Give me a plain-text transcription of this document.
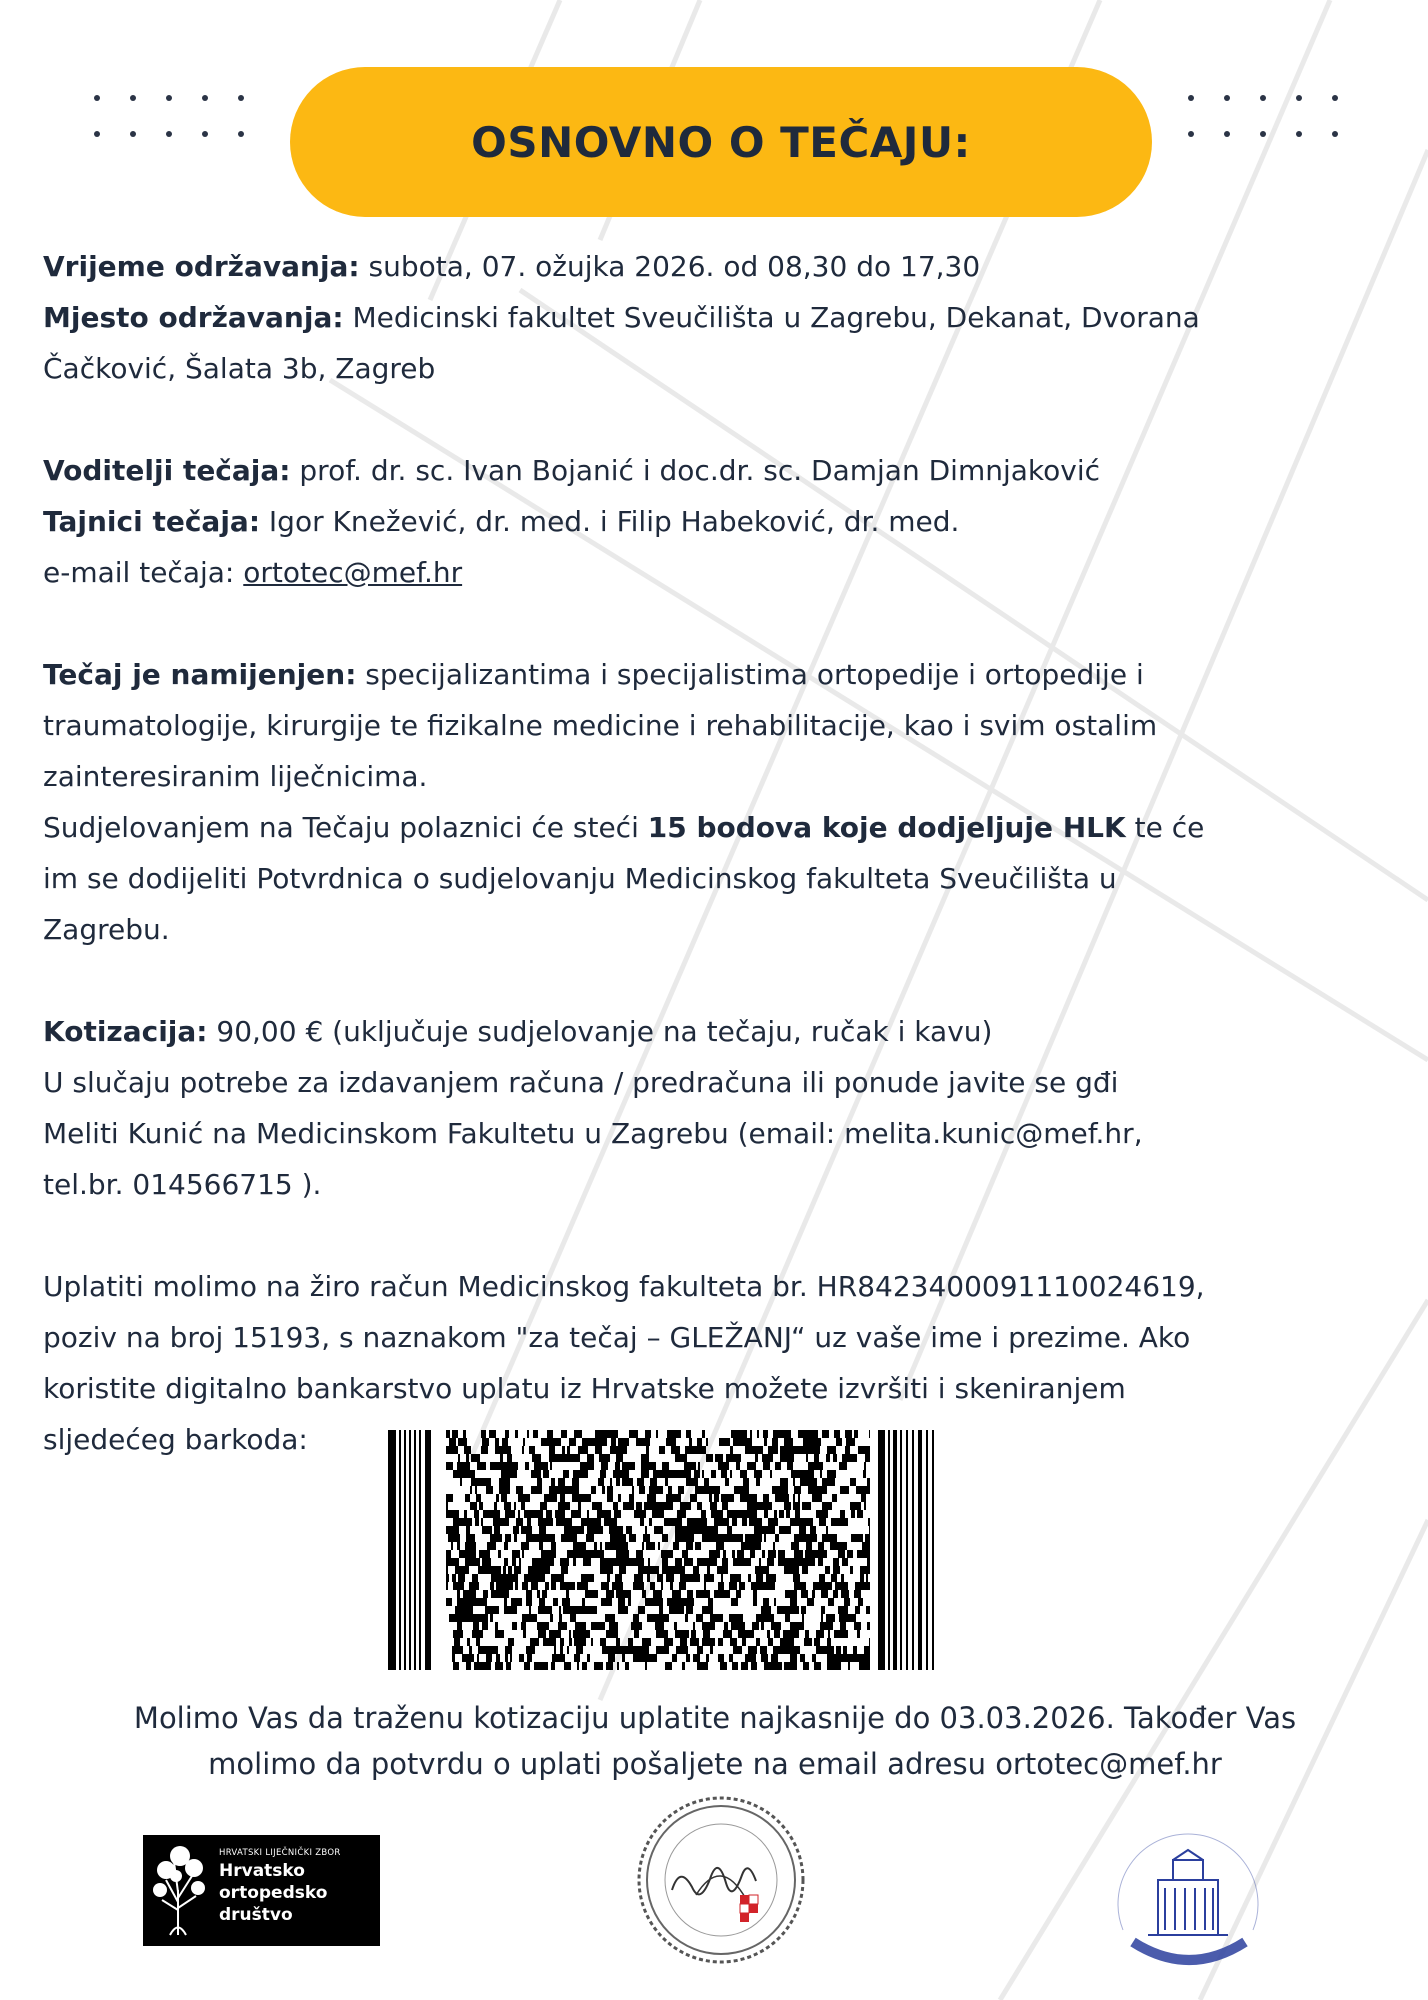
OSNOVNO O TEČAJU:

Vrijeme održavanja: subota, 07. ožujka 2026. od 08,30 do 17,30

Mjesto održavanja: Medicinski fakultet Sveučilišta u Zagrebu, Dekanat, Dvorana

Čačković, Šalata 3b, Zagreb

Voditelji tečaja: prof. dr. sc. Ivan Bojanić i doc.dr. sc. Damjan Dimnjaković

Tajnici tečaja: Igor Knežević, dr. med. i Filip Habeković, dr. med.

e-mail tečaja: ortotec@mef.hr

Tečaj je namijenjen: specijalizantima i specijalistima ortopedije i ortopedije i

traumatologije, kirurgije te fizikalne medicine i rehabilitacije, kao i svim ostalim

zainteresiranim liječnicima.

Sudjelovanjem na Tečaju polaznici će steći 15 bodova koje dodjeljuje HLK te će

im se dodijeliti Potvrdnica o sudjelovanju Medicinskog fakulteta Sveučilišta u

Zagrebu.

Kotizacija: 90,00 € (uključuje sudjelovanje na tečaju, ručak i kavu)

U slučaju potrebe za izdavanjem računa / predračuna ili ponude javite se gđi

Meliti Kunić na Medicinskom Fakultetu u Zagrebu (email: melita.kunic@mef.hr,

tel.br. 014566715 ).

Uplatiti molimo na žiro račun Medicinskog fakulteta br. HR8423400091110024619,

poziv na broj 15193, s naznakom "za tečaj – GLEŽANJ“ uz vaše ime i prezime. Ako

koristite digitalno bankarstvo uplatu iz Hrvatske možete izvršiti i skeniranjem

sljedećeg barkoda:

Molimo Vas da traženu kotizaciju uplatite najkasnije do 03.03.2026. Također Vas
molimo da potvrdu o uplati pošaljete na email adresu ortotec@mef.hr
HRVATSKI LIJEČNIČKI ZBOR
Hrvatsko
ortopedsko
društvo
